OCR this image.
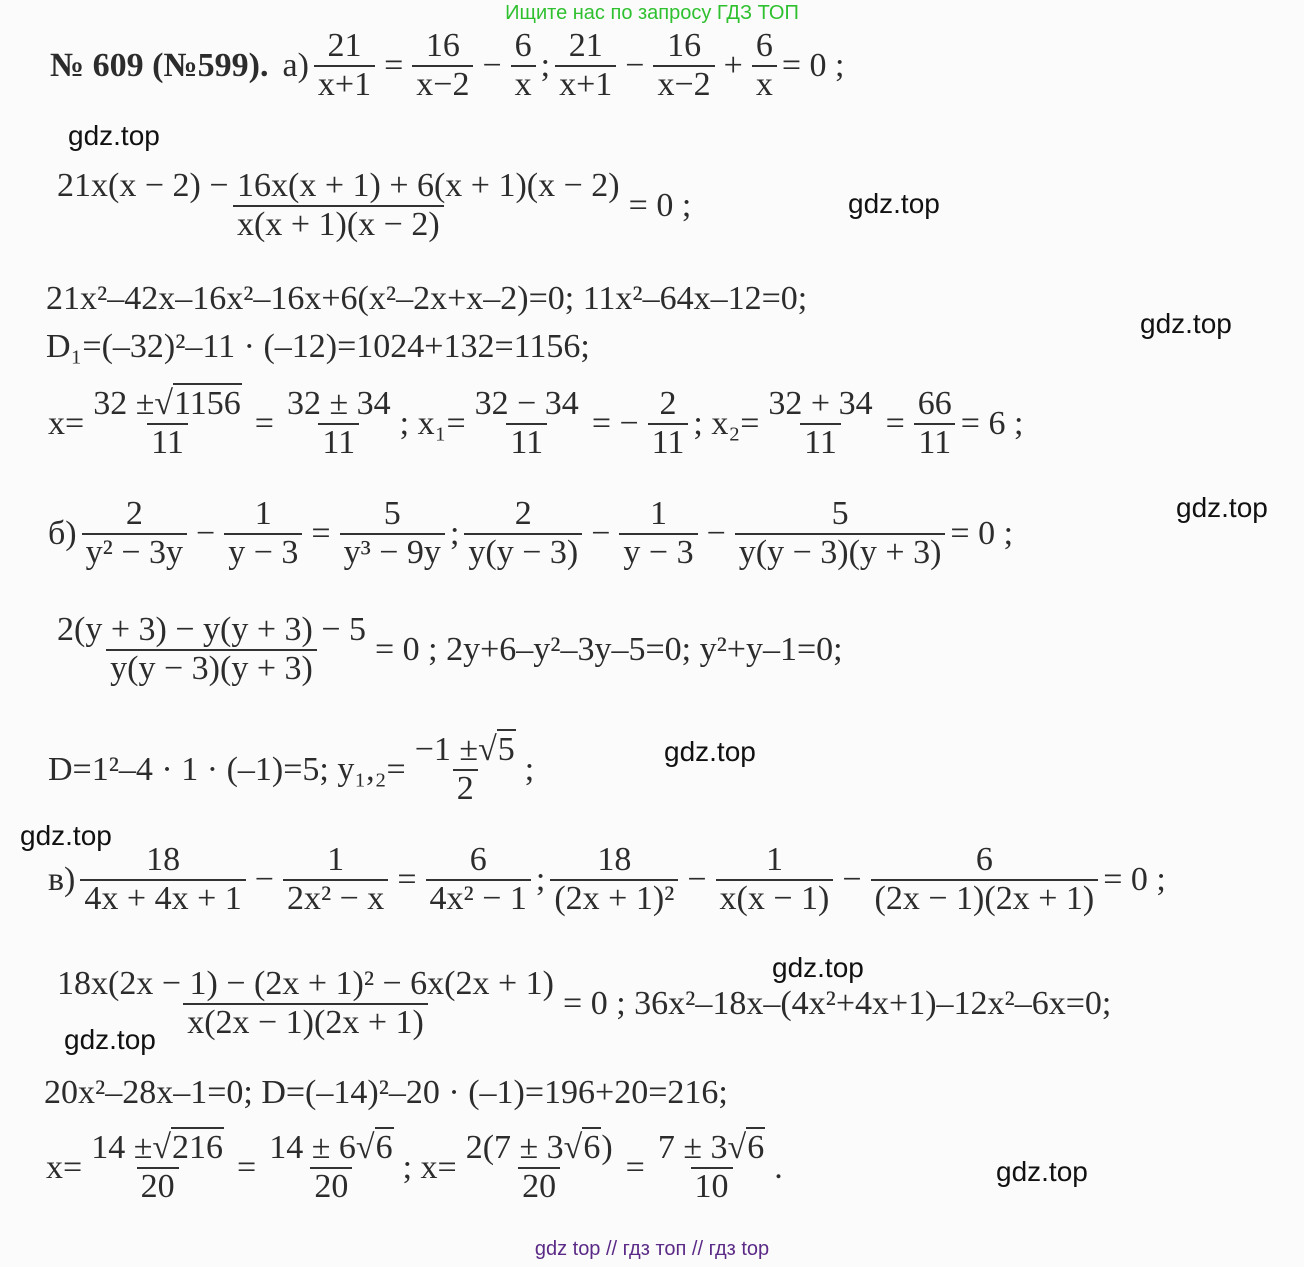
Ищите нас по запросу ГДЗ ТОП
gdz.top
gdz.top
gdz.top
gdz.top
gdz.top
gdz.top
gdz.top
gdz.top
gdz.top
№ 609 (№599). $а) \frac{21}{x+1} = \frac{16}{x-2} - \frac{6}{x}$ ; $\frac{21}{x+1} - \frac{16}{x-2} + \frac{6}{x} = 0$ ;
$\frac{21x(x - 2) - 16x(x + 1) + 6(x + 1)(x - 2)}{x(x + 1)(x - 2)} = 0$ ;
21x²–42x–16x²–16x+6(x²–2x+x–2)=0; 11x²–64x–12=0;
D₁=(–32)²–11 · (–12)=1024+132=1156;
$x= \frac{32 \pm√1156}{11} = \frac{32 \pm 34}{11}$ ; $x_1= \frac{32 - 34}{11}$ = − $\frac{2}{11}$ ; $x_2= \frac{32 + 34}{11} = \frac{66}{11} = 6$ ;
$б) \frac{2}{\text{y² − 3y}} - \frac{1}{y - 3} = \frac{5}{\text{y³ − 9y}}$ ; $\frac{2}{y(y - 3)} - \frac{1}{y - 3} - \frac{5}{y(y - 3)(y + 3)} = 0$ ;
$\frac{2(y + 3) - y(y + 3) - 5}{y(y - 3)(y + 3)} = 0$ ; 2y+6–y²–3y–5=0; y²+y–1=0;
D=1²–4 · 1 · (–1)=5; $y_1,_2= \frac{-1 \pm√5}{2}$ ;
$в) \frac{18}{4x + 4x + 1} - \frac{1}{\text{2x² − x}} = \frac{6}{\text{4x² − 1}}$ ; $\frac{18}{\text{(2x + 1)²}} - \frac{1}{x(x - 1)} - \frac{6}{(2x - 1)(2x + 1)} = 0$ ;
$\frac{\text{18x(2x − 1) − (2x + 1)² − 6x(2x + 1)}}{x(2x - 1)(2x + 1)} = 0$ ; 36x²–18x–(4x²+4x+1)–12x²–6x=0;
20x²–28x–1=0; D=(–14)²–20 · (–1)=196+20=216;
$x= \frac{14 \pm√216}{20} = \frac{14 \pm 6√6}{20}$ ; $x= \frac{2(7 \pm 3√6)}{20} = \frac{7 \pm 3√6}{10}$ .
gdz top // гдз топ // гдз top
